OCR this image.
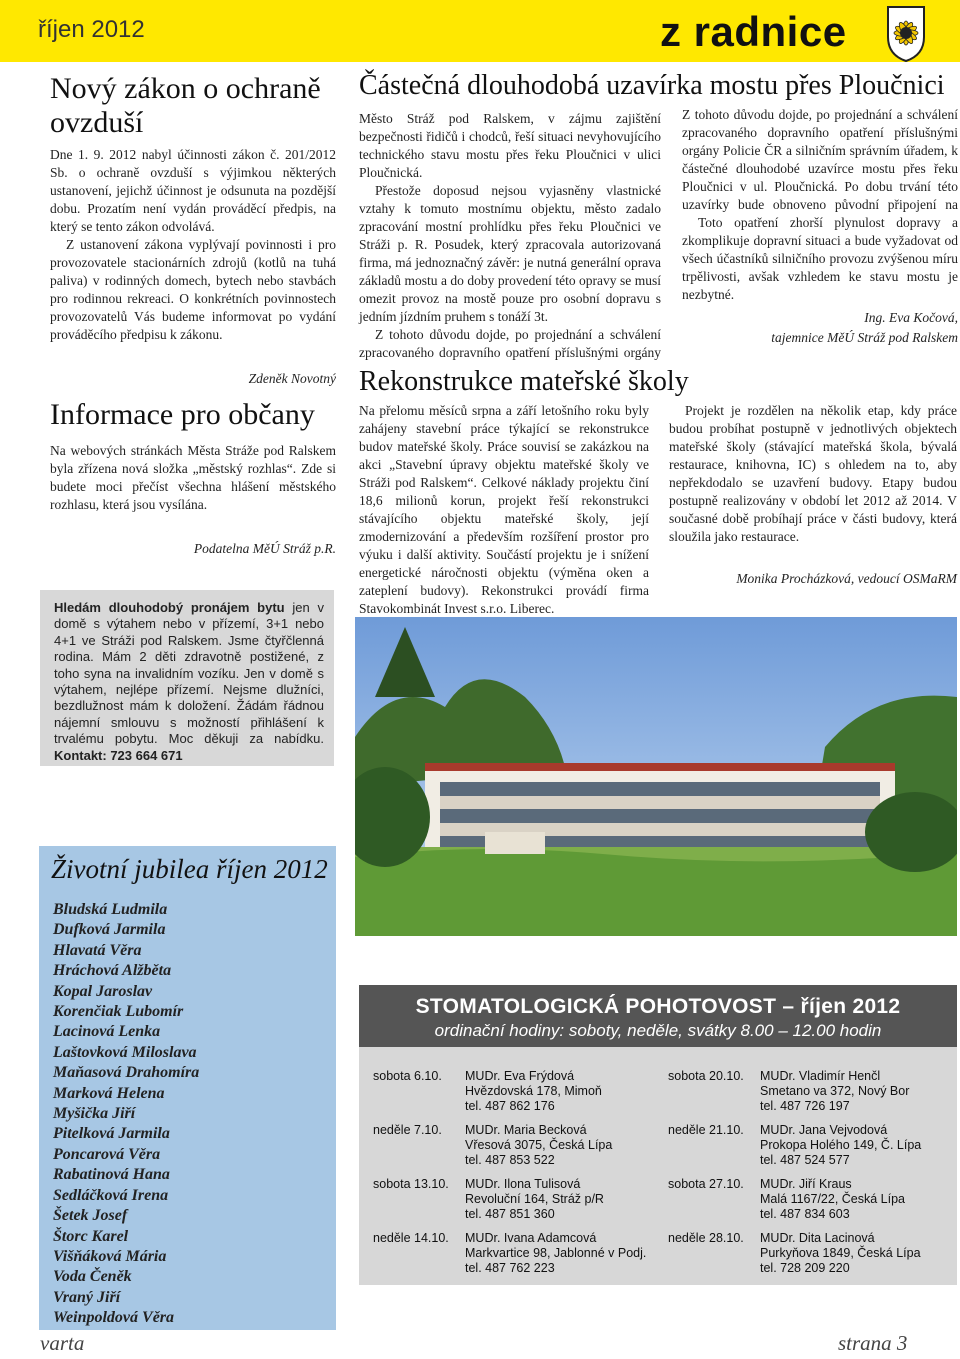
říjen 2012	z radnice
Nový zákon o ochraně ovzduší

Dne 1. 9. 2012 nabyl účinnosti zákon č. 201/2012 Sb. o ochraně ovzduší s výjimkou některých ustanovení, jejichž účinnost je odsunuta na pozdější dobu. Prozatím není vydán prováděcí předpis, na který se tento zákon odvolává.

Z ustanovení zákona vyplývají povinnosti i pro provozovatele stacionárních zdrojů (kotlů na tuhá paliva) v rodinných domech, bytech nebo stavbách pro rodinnou rekreaci. O konkrétních povinnostech provozovatelů Vás budeme informovat po vydání prováděcího předpisu k zákonu.

Zdeněk Novotný
Informace pro občany

Na webových stránkách Města Stráže pod Ralskem byla zřízena nová složka „městský rozhlas“. Zde si budete moci přečíst všechna hlášení městského rozhlasu, která jsou vysílána.

Podatelna MěÚ Stráž p.R.

Hledám dlouhodobý pronájem bytu jen v domě s výtahem nebo v přízemí, 3+1 nebo 4+1 ve Stráži pod Ralskem. Jsme čtyřčlenná rodina. Mám 2 děti zdravotně postižené, z toho syna na invalidním vozíku. Jen v domě s výtahem, nejlépe přízemí. Nejsme dlužníci, bezdlužnost mám k doložení. Žádám řádnou nájemní smlouvu s možností přihlášení k trvalému pobytu. Moc děkuji za nabídku. Kontakt: 723 664 671

Částečná dlouhodobá uzavírka mostu přes Ploučnici

Město Stráž pod Ralskem, v zájmu zajištění bezpečnosti řidičů i chodců, řeší situaci nevyhovujícího technického stavu mostu přes řeku Ploučnici v ulici Ploučnická.

Přestože doposud nejsou vyjasněny vlastnické vztahy k tomuto mostnímu objektu, město zadalo zpracování mostní prohlídku přes řeku Ploučnici ve Stráži p. R. Posudek, který zpracovala autorizovaná firma, má jednoznačný závěr: je nutná generální oprava základů mostu a do doby provedení této opravy se musí omezit provoz na mostě pouze pro osobní dopravu s jedním jízdním pruhem s tonáží 3t.

Z tohoto důvodu dojde, po projednání a schválení zpracovaného dopravního opatření příslušnými orgány

Z tohoto důvodu dojde, po projednání a schválení zpracovaného dopravního opatření příslušnými orgány Policie ČR a silničním správním úřadem, k částečné dlouhodobé uzavírce mostu přes řeku Ploučnici v ul. Ploučnická. Po dobu trvání této uzavírky bude obnoveno původní připojení na

Toto opatření zhorší plynulost dopravy a zkomplikuje dopravní situaci a bude vyžadovat od všech účastníků silničního provozu zvýšenou míru trpělivosti, avšak vzhledem ke stavu mostu je nezbytné.

Ing. Eva Kočová,
tajemnice MěÚ Stráž pod Ralskem
Rekonstrukce mateřské školy

Na přelomu měsíců srpna a září letošního roku byly zahájeny stavební práce týkající se rekonstrukce budov mateřské školy. Práce souvisí se zakázkou na akci „Stavební úpravy objektu mateřské školy ve Stráži pod Ralskem“. Celkové náklady projektu činí 18,6 milionů korun, projekt řeší rekonstrukci stávajícího objektu mateřské školy, její zmodernizování a především rozšíření prostor pro výuku i další aktivity. Součástí projektu je i snížení energetické náročnosti objektu (výměna oken a zateplení budovy). Rekonstrukci provádí firma Stavokombinát Invest s.r.o. Liberec.

Projekt je rozdělen na několik etap, kdy práce budou probíhat postupně v jednotlivých objektech mateřské školy (stávající mateřská škola, bývalá restaurace, knihovna, IC) s ohledem na to, aby nepřekdodalo se uzavření budovy. Etapy budou postupně realizovány v období let 2012 až 2014. V současné době probíhají práce v části budovy, která sloužila jako restaurace.

Monika Procházková, vedoucí OSMaRM
Životní jubilea říjen 2012
Bludská Ludmila
Dufková Jarmila
Hlavatá Věra
Hráchová Alžběta
Kopal Jaroslav
Korenčiak Lubomír
Lacinová Lenka
Laštovková Miloslava
Maňasová Drahomíra
Marková Helena
Myšička Jiří
Pitelková Jarmila
Poncarová Věra
Rabatinová Hana
Sedláčková Irena
Šetek Josef
Štorc Karel
Višňáková Mária
Voda Čeněk
Vraný Jiří
Weinpoldová Věra
STOMATOLOGICKÁ POHOTOVOST – říjen 2012
ordinační hodiny: soboty, neděle, svátky 8.00 – 12.00 hodin
sobota 6.10.	MUDr. Eva Frýdová
Hvězdovská 178, Mimoň
tel. 487 862 176
sobota 20.10.	MUDr. Vladimír Henčl
Smetano va 372, Nový Bor
tel. 487 726 197
neděle 7.10.	MUDr. Maria Becková
Vřesová 3075, Česká Lípa
tel. 487 853 522
neděle 21.10.	MUDr. Jana Vejvodová
Prokopa Holého 149, Č. Lípa
tel. 487 524 577
sobota 13.10.	MUDr. Ilona Tulisová
Revoluční 164, Stráž p/R
tel. 487 851 360
sobota 27.10.	MUDr. Jiří Kraus
Malá 1167/22, Česká Lípa
tel. 487 834 603
neděle 14.10.	MUDr. Ivana Adamcová
Markvartice 98, Jablonné v Podj.
tel. 487 762 223
neděle 28.10.	MUDr. Dita Lacinová
Purkyňova 1849, Česká Lípa
tel. 728 209 220
varta	strana 3
